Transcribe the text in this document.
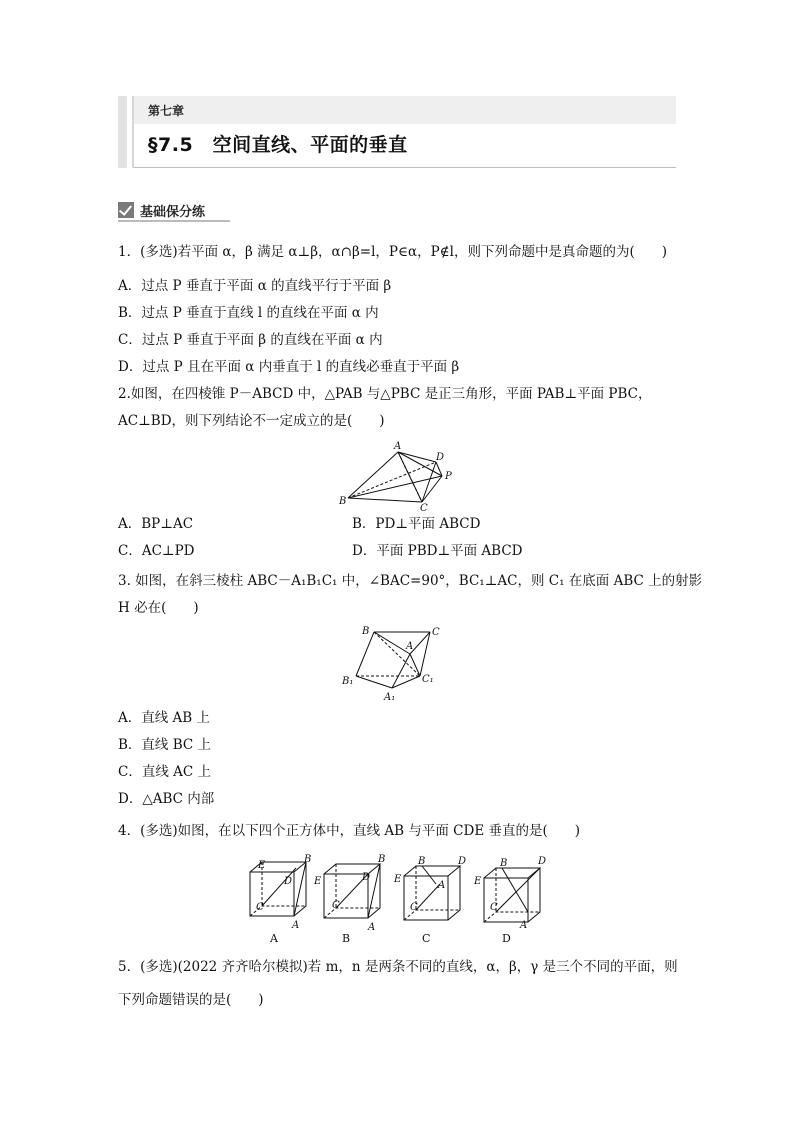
第七章
§7.5　空间直线、平面的垂直
基础保分练
1．(多选)若平面 α，β 满足 α⊥β，α∩β=l，P∈α，P∉l，则下列命题中是真命题的为(　　)
A．过点 P 垂直于平面 α 的直线平行于平面 β
B．过点 P 垂直于直线 l 的直线在平面 α 内
C．过点 P 垂直于平面 β 的直线在平面 α 内
D．过点 P 且在平面 α 内垂直于 l 的直线必垂直于平面 β
2.如图，在四棱锥 P－ABCD 中，△PAB 与△PBC 是正三角形，平面 PAB⊥平面 PBC，
AC⊥BD，则下列结论不一定成立的是(　　)
A
B
C
D
P
A．BP⊥AC	B．PD⊥平面 ABCD
C．AC⊥PD	D．平面 PBD⊥平面 ABCD
3. 如图，在斜三棱柱 ABC－A₁B₁C₁ 中，∠BAC=90°，BC₁⊥AC，则 C₁ 在底面 ABC 上的射影
H 必在(　　)
B	C
A
B₁	C₁
A₁
A．直线 AB 上
B．直线 BC 上
C．直线 AC 上
D．△ABC 内部
4．(多选)如图，在以下四个正方体中，直线 AB 与平面 CDE 垂直的是(　　)
E
B
D
C
A
A
E
B
D
C
A
B
E
B	D
A
C
C
E
B	D
C
A
D
5．(多选)(2022 齐齐哈尔模拟)若 m，n 是两条不同的直线，α，β，γ 是三个不同的平面，则
下列命题错误的是(　　)
